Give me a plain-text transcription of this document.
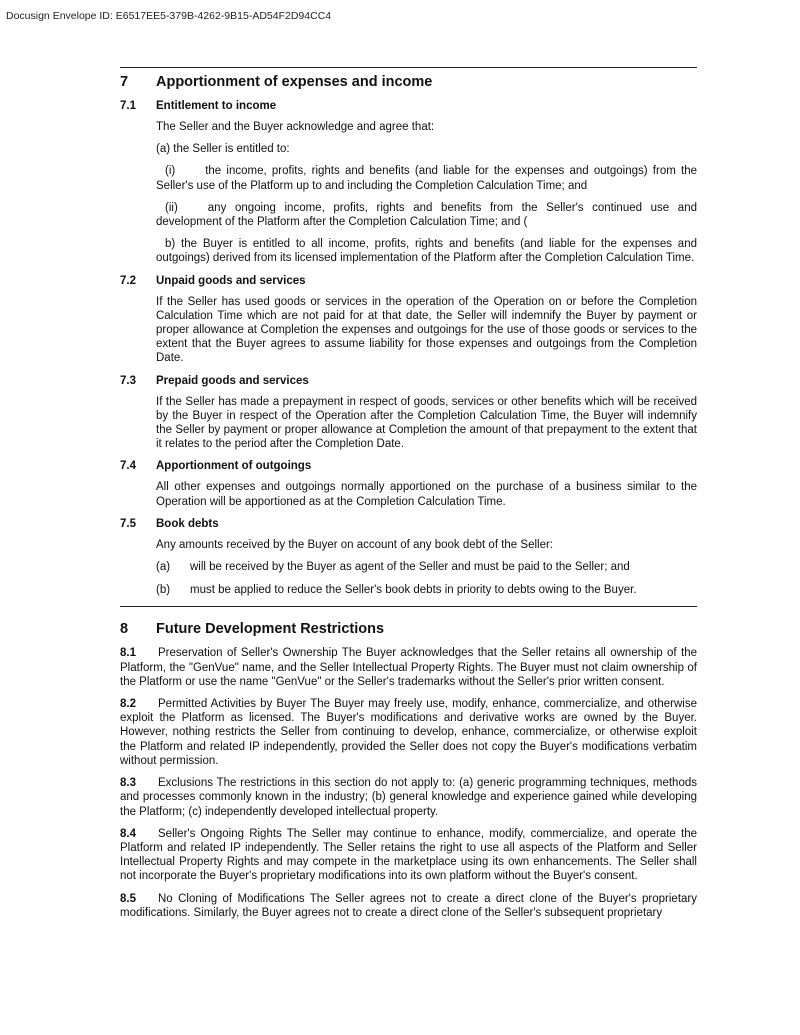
Docusign Envelope ID: E6517EE5-379B-4262-9B15-AD54F2D94CC4
7	Apportionment of expenses and income
7.1	Entitlement to income
The Seller and the Buyer acknowledge and agree that:
(a) the Seller is entitled to:
(i)	the income, profits, rights and benefits (and liable for the expenses and outgoings) from the Seller's use of the Platform up to and including the Completion Calculation Time; and
(ii)	any ongoing income, profits, rights and benefits from the Seller's continued use and development of the Platform after the Completion Calculation Time; and (
b) the Buyer is entitled to all income, profits, rights and benefits (and liable for the expenses and outgoings) derived from its licensed implementation of the Platform after the Completion Calculation Time.
7.2	Unpaid goods and services
If the Seller has used goods or services in the operation of the Operation on or before the Completion Calculation Time which are not paid for at that date, the Seller will indemnify the Buyer by payment or proper allowance at Completion the expenses and outgoings for the use of those goods or services to the extent that the Buyer agrees to assume liability for those expenses and outgoings from the Completion Date.
7.3	Prepaid goods and services
If the Seller has made a prepayment in respect of goods, services or other benefits which will be received by the Buyer in respect of the Operation after the Completion Calculation Time, the Buyer will indemnify the Seller by payment or proper allowance at Completion the amount of that prepayment to the extent that it relates to the period after the Completion Date.
7.4	Apportionment of outgoings
All other expenses and outgoings normally apportioned on the purchase of a business similar to the Operation will be apportioned as at the Completion Calculation Time.
7.5	Book debts
Any amounts received by the Buyer on account of any book debt of the Seller:
(a)	will be received by the Buyer as agent of the Seller and must be paid to the Seller; and
(b)	must be applied to reduce the Seller's book debts in priority to debts owing to the Buyer.
8	Future Development Restrictions
8.1 Preservation of Seller's Ownership The Buyer acknowledges that the Seller retains all ownership of the Platform, the "GenVue" name, and the Seller Intellectual Property Rights. The Buyer must not claim ownership of the Platform or use the name "GenVue" or the Seller's trademarks without the Seller's prior written consent.
8.2 Permitted Activities by Buyer The Buyer may freely use, modify, enhance, commercialize, and otherwise exploit the Platform as licensed. The Buyer's modifications and derivative works are owned by the Buyer. However, nothing restricts the Seller from continuing to develop, enhance, commercialize, or otherwise exploit the Platform and related IP independently, provided the Seller does not copy the Buyer's modifications verbatim without permission.
8.3 Exclusions The restrictions in this section do not apply to: (a) generic programming techniques, methods and processes commonly known in the industry; (b) general knowledge and experience gained while developing the Platform; (c) independently developed intellectual property.
8.4 Seller's Ongoing Rights The Seller may continue to enhance, modify, commercialize, and operate the Platform and related IP independently. The Seller retains the right to use all aspects of the Platform and Seller Intellectual Property Rights and may compete in the marketplace using its own enhancements. The Seller shall not incorporate the Buyer's proprietary modifications into its own platform without the Buyer's consent.
8.5 No Cloning of Modifications The Seller agrees not to create a direct clone of the Buyer's proprietary modifications. Similarly, the Buyer agrees not to create a direct clone of the Seller's subsequent proprietary
